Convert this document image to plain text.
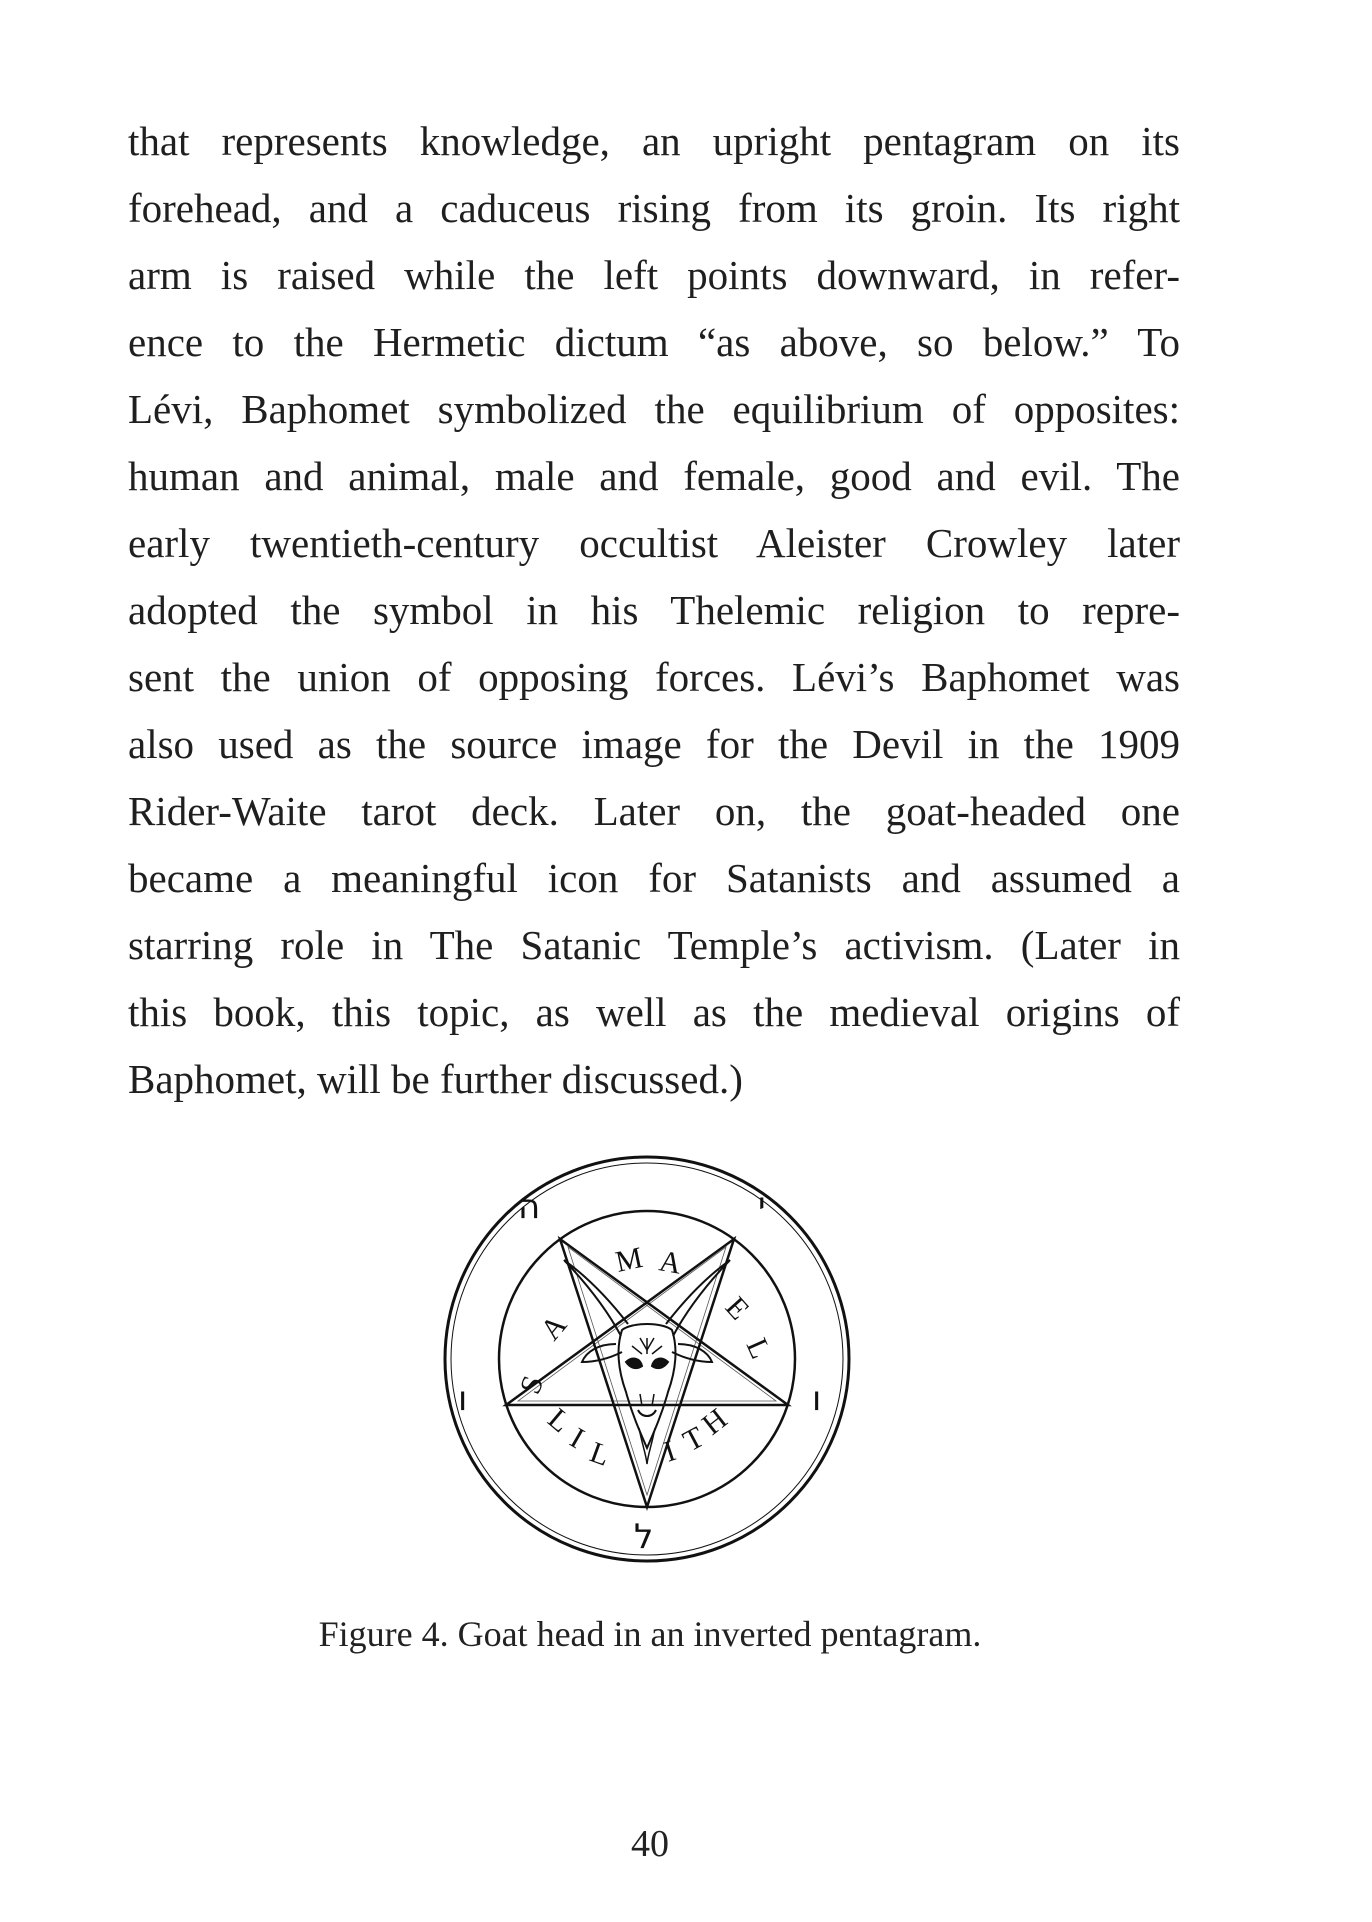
that represents knowledge, an upright pentagram on its
forehead, and a caduceus rising from its groin. Its right
arm is raised while the left points downward, in refer-
ence to the Hermetic dictum “as above, so below.” To
Lévi, Baphomet symbolized the equilibrium of opposites:
human and animal, male and female, good and evil. The
early twentieth-century occultist Aleister Crowley later
adopted the symbol in his Thelemic religion to repre-
sent the union of opposing forces. Lévi’s Baphomet was
also used as the source image for the Devil in the 1909
Rider-Waite tarot deck. Later on, the goat-headed one
became a meaningful icon for Satanists and assumed a
starring role in The Satanic Temple’s activism. (Later in
this book, this topic, as well as the medieval origins of
Baphomet, will be further discussed.)
S
A
M A
E
L
L
I
L I
T
H
ה	י
ו
ל
ו
Figure 4. Goat head in an inverted pentagram.
40
